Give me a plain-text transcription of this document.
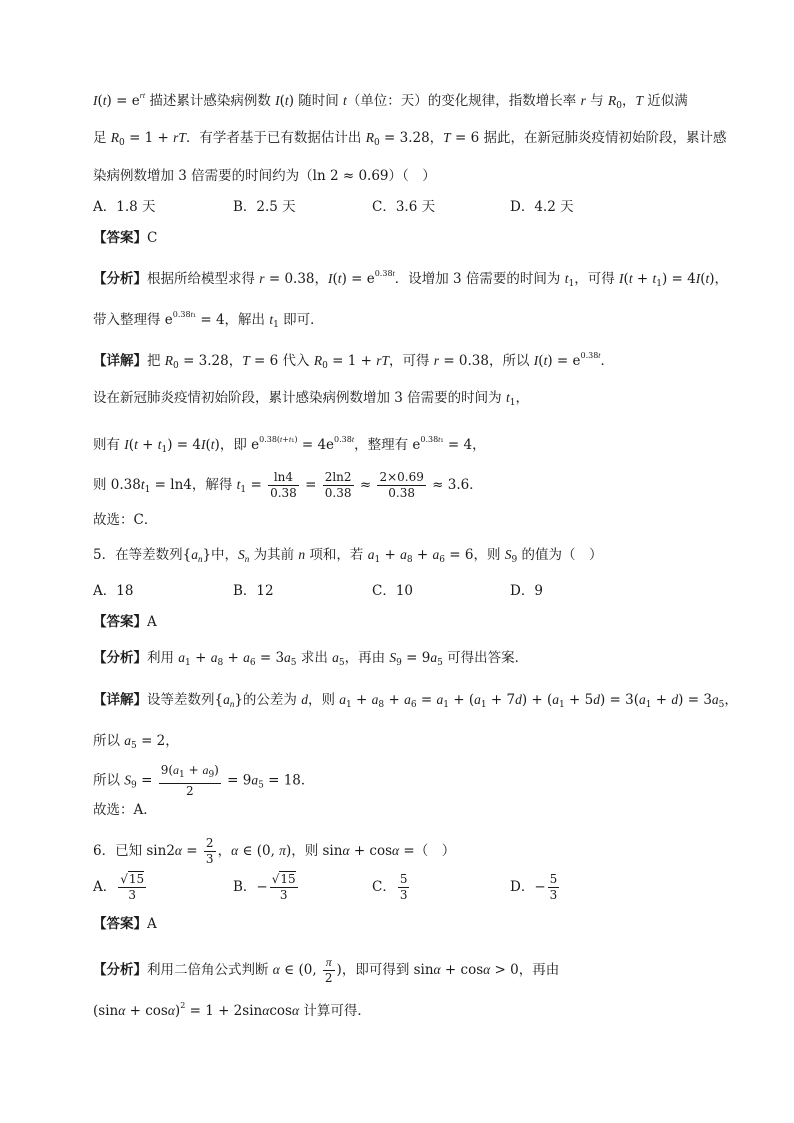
$I(t) = e^{rt}$ 描述累计感染病例数 I(t) 随时间 t（单位：天）的变化规律，指数增长率 r 与 $R_0$，T 近似满
足 $R_0 = 1$ + rT．有学者基于已有数据估计出 $R_0 = 3.28$，T = 6 据此，在新冠肺炎疫情初始阶段，累计感
染病例数增加 3 倍需要的时间约为（ln 2 ≈ 0.69）（　）
A．1.8 天	B．2.5 天	C．3.6 天	D．4.2 天
【答案】C
【分析】根据所给模型求得 r = 0.38，$I(t) = e^{0.38t}$．设增加 3 倍需要的时间为 $t_1$，可得 $I(t + t_1) = 4I(t)$，
带入整理得 $e^{0.38t_1} = 4$，解出 $t_1$ 即可．
【详解】把 $R_0 = 3.28$，T = 6 代入 $R_0 = 1$ + rT，可得 r = 0.38，所以 $I(t) = e^{0.38t}$．
设在新冠肺炎疫情初始阶段，累计感染病例数增加 3 倍需要的时间为 $t_1$，
则有 $I(t + t_1) = 4I(t)$，即 $e^{0.38(t+t_1)} = 4e^{0.38t}$，整理有 $e^{0.38t_1} = 4$，
则 $0.38t_1 = \ln 4$，解得 $t_1 = \frac{\ln 4}{0.38} = \frac{2\ln 2}{0.38} \approx \frac{2\times 0.69}{0.38} \approx 3.6$．
故选：C．
5．在等差数列$\{a_n\}$中，$S_n$ 为其前 n 项和，若 $a_1 + a_8 + a_6 = 6$，则 $S_9$ 的值为（　）
A．18	B．12	C．10	D．9
【答案】A
【分析】利用 $a_1 + a_8 + a_6 = 3a_5$ 求出 $a_5$，再由 $S_9 = 9a_5$ 可得出答案．
【详解】设等差数列$\{a_n\}$的公差为 d，则 $a_1 + a_8 + a_6 = a_1 + (a_1 + 7d) + (a_1 + 5d) = 3(a_1 + d) = 3a_5$，
所以 $a_5 = 2$，
所以 $S_9 = \frac{9(a_1 + a_9)}{2} = 9a_5 = 18$．
故选：A．
6．已知 $\sin 2\alpha = \frac{2}{3}$ ，α ∈ (0, π)，则 sinα + cosα =（　）
A． $\frac{√15}{3}$	B．− $\frac{√15}{3}$	C． $\frac{5}{3}$	D．− $\frac{5}{3}$
【答案】A
【分析】利用二倍角公式判断 α ∈ (0, $\frac{\pi}{2}$ )，即可得到 sinα + cosα > 0，再由
$(\sin\alpha + \cos\alpha)^2 = 1 + 2\sin\alpha\cos\alpha$ 计算可得．
